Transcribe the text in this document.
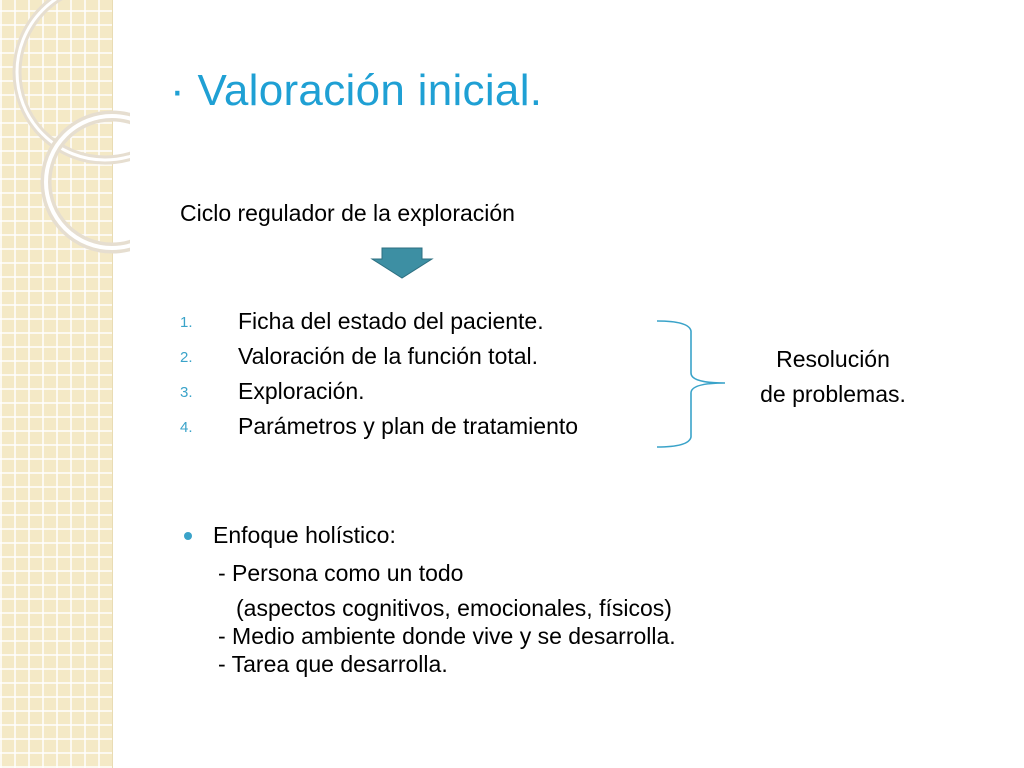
· Valoración inicial.
Ciclo regulador de la exploración
1. Ficha del estado del paciente.
2. Valoración de la función total.
3. Exploración.
4. Parámetros y plan de tratamiento
Resolución
de problemas.
Enfoque holístico:
- Persona como un todo
(aspectos cognitivos, emocionales, físicos)
- Medio ambiente donde vive y se desarrolla.
- Tarea que desarrolla.
